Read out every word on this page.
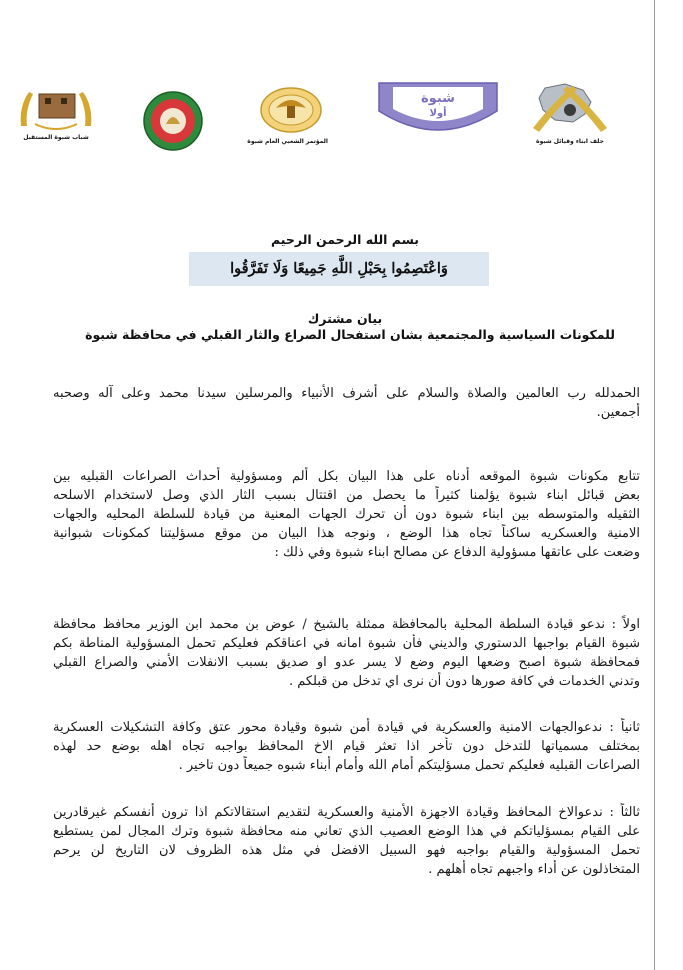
حلف ابناء وقبائل شبوة
شبوة
أولا
المؤتمر الشعبي العام شبوة
شباب شبوة المستقبل
بسم الله الرحمن الرحيم
وَاعْتَصِمُوا بِحَبْلِ اللَّهِ جَمِيعًا وَلَا تَفَرَّقُوا
بيان مشترك
للمكونات السياسية والمجتمعية بشان استفحال الصراع والثار القبلي في محافظة شبوة
الحمدلله رب العالمين والصلاة والسلام على أشرف الأنبياء والمرسلين سيدنا محمد وعلى آله وصحبه
أجمعين.
تتابع مكونات شبوة الموقعه أدناه على هذا البيان بكل ألم ومسؤولية أحداث الصراعات القبليه بين
بعض قبائل ابناء شبوة يؤلمنا كثيراً ما يحصل من اقتتال بسبب الثار الذي وصل لاستخدام الاسلحه
الثقيله والمتوسطه بين ابناء شبوة دون أن تحرك الجهات المعنية من قيادة للسلطة المحليه والجهات
الامنية والعسكريه ساكناً تجاه هذا الوضع ، ونوجه هذا البيان من موقع مسؤليتنا كمكونات شبوانية
وضعت على عاتقها مسؤولية الدفاع عن مصالح ابناء شبوة وفي ذلك :
اولاً : ندعو قيادة السلطة المحلية بالمحافظة ممثلة بالشيخ / عوض بن محمد ابن الوزير محافظ محافظة
شبوة القيام بواجبها الدستوري والديني فأن شبوة امانه في اعناقكم فعليكم تحمل المسؤولية المناطة بكم
فمحافظة شبوة اصبح وضعها اليوم وضع لا يسر عدو او صديق بسبب الانفلات الأمني والصراع القبلي
وتدني الخدمات في كافة صورها دون أن نرى اي تدخل من قبلكم .
ثانياً : ندعوالجهات الامنية والعسكرية في قيادة أمن شبوة وقيادة محور عتق وكافة التشكيلات العسكرية
بمختلف مسمياتها للتدخل دون تأخر اذا تعثر قيام الاخ المحافظ بواجبه تجاه اهله بوضع حد لهذه
الصراعات القبليه فعليكم تحمل مسؤليتكم أمام الله وأمام أبناء شبوه جميعاً دون تاخير .
ثالثاً : ندعوالاخ المحافظ وقيادة الاجهزة الأمنية والعسكرية لتقديم استقالاتكم اذا ترون أنفسكم غيرقادرين
على القيام بمسؤلياتكم في هذا الوضع العصيب الذي تعاني منه محافظة شبوة وترك المجال لمن يستطيع
تحمل المسؤولية والقيام بواجبه فهو السبيل الافضل في مثل هذه الظروف لان التاريخ لن يرحم
المتخاذلون عن أداء واجبهم تجاه أهلهم .
